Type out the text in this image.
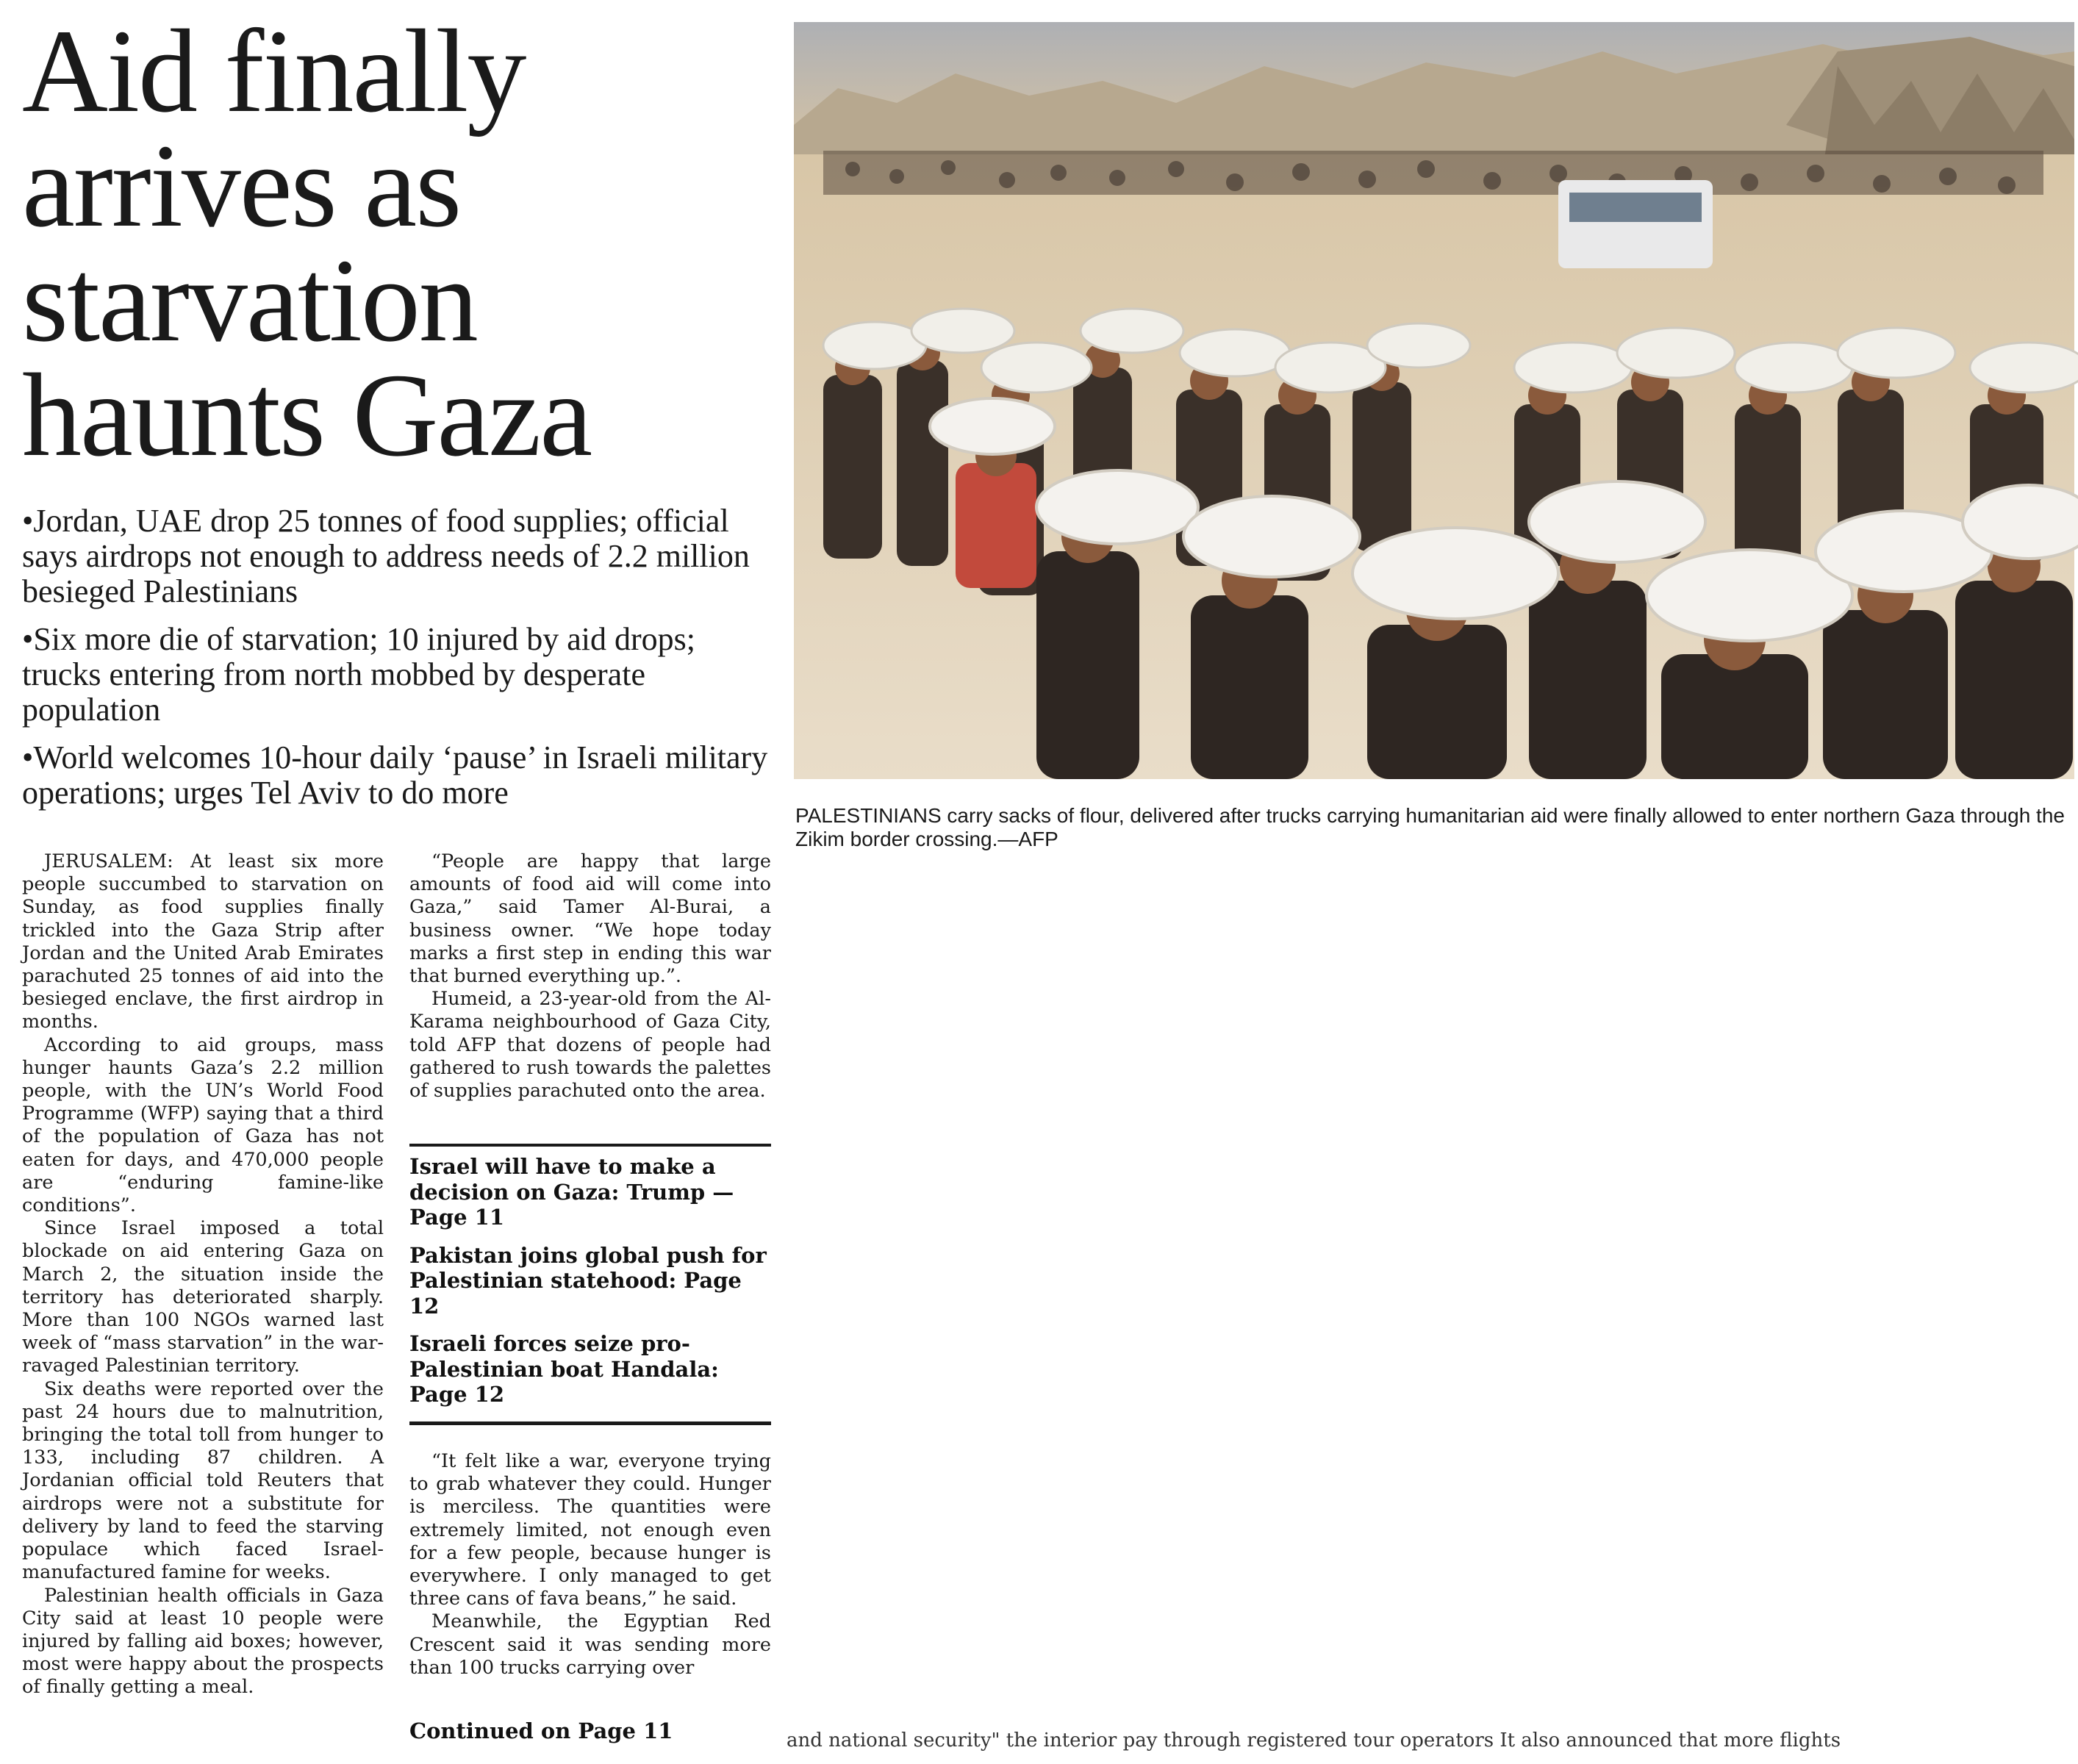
Aid finally
arrives as
starvation
haunts Gaza
• Jordan, UAE drop 25 tonnes of food supplies; official says airdrops not enough to address needs of 2.2 million besieged Palestinians
• Six more die of starvation; 10 injured by aid drops; trucks entering from north mobbed by desperate population
• World welcomes 10-hour daily ‘pause’ in Israeli military operations; urges Tel Aviv to do more

JERUSALEM: At least six more people succumbed to starvation on Sunday, as food supplies finally trickled into the Gaza Strip after Jordan and the United Arab Emirates parachuted 25 tonnes of aid into the besieged enclave, the first airdrop in months.

According to aid groups, mass hunger haunts Gaza’s 2.2 million people, with the UN’s World Food Programme (WFP) saying that a third of the population of Gaza has not eaten for days, and 470,000 people are “enduring famine-like conditions”.

Since Israel imposed a total blockade on aid entering Gaza on March 2, the situation inside the territory has deteriorated sharply. More than 100 NGOs warned last week of “mass starvation” in the war-ravaged Palestinian territory.

Six deaths were reported over the past 24 hours due to malnutrition, bringing the total toll from hunger to 133, including 87 children. A Jordanian official told Reuters that airdrops were not a substitute for delivery by land to feed the starving populace which faced Israel-manufactured famine for weeks.

Palestinian health officials in Gaza City said at least 10 people were injured by falling aid boxes; however, most were happy about the prospects of finally getting a meal.

“People are happy that large amounts of food aid will come into Gaza,” said Tamer Al-Burai, a business owner. “We hope today marks a first step in ending this war that burned everything up.”.

Humeid, a 23-year-old from the Al-Karama neighbourhood of Gaza City, told AFP that dozens of people had gathered to rush towards the palettes of supplies parachuted onto the area.

Israel will have to make a decision on Gaza: Trump — Page 11
Pakistan joins global push for Palestinian statehood: Page 12
Israeli forces seize pro-Palestinian boat Handala: Page 12

“It felt like a war, everyone trying to grab whatever they could. Hunger is merciless. The quantities were extremely limited, not enough even for a few people, because hunger is everywhere. I only managed to get three cans of fava beans,” he said.

Meanwhile, the Egyptian Red Crescent said it was sending more than 100 trucks carrying over

Continued on Page 11
PALESTINIANS carry sacks of flour, delivered after trucks carrying humanitarian aid were finally allowed to enter northern Gaza through the Zikim border crossing.—AFP
and national security" the interior pay through registered tour operators It also announced that more flights
